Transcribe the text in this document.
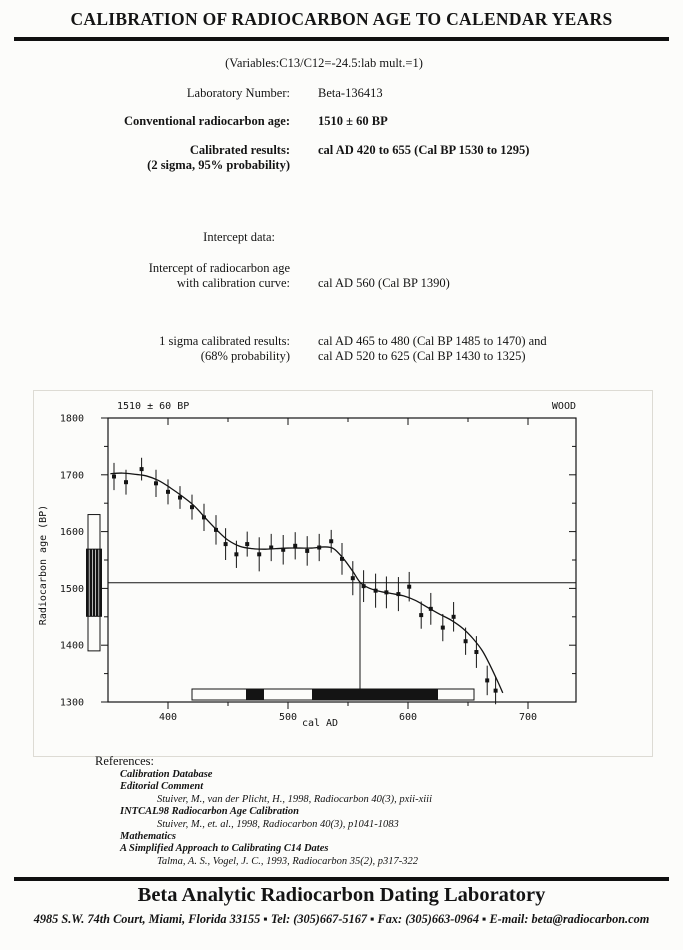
CALIBRATION OF RADIOCARBON AGE TO CALENDAR YEARS
(Variables:C13/C12=-24.5:lab mult.=1)
Laboratory Number: Beta-136413
Conventional radiocarbon age: 1510 ± 60 BP
Calibrated results:
(2 sigma, 95% probability)
cal AD 420 to 655 (Cal BP 1530 to 1295)
Intercept data:
Intercept of radiocarbon age
with calibration curve: cal AD 560 (Cal BP 1390)
1 sigma calibrated results:
(68% probability)
cal AD 465 to 480 (Cal BP 1485 to 1470) and
cal AD 520 to 625 (Cal BP 1430 to 1325)
1300
1400
1500
1600
1700
1800
400	500	600	700
1510 ± 60 BP	WOOD
cal AD
Radiocarbon age (BP)
References:
Calibration Database
Editorial Comment
Stuiver, M., van der Plicht, H., 1998, Radiocarbon 40(3), pxii-xiii
INTCAL98 Radiocarbon Age Calibration
Stuiver, M., et. al., 1998, Radiocarbon 40(3), p1041-1083
Mathematics
A Simplified Approach to Calibrating C14 Dates
Talma, A. S., Vogel, J. C., 1993, Radiocarbon 35(2), p317-322
Beta Analytic Radiocarbon Dating Laboratory
4985 S.W. 74th Court, Miami, Florida 33155 ▪ Tel: (305)667-5167 ▪ Fax: (305)663-0964 ▪ E-mail: beta@radiocarbon.com
